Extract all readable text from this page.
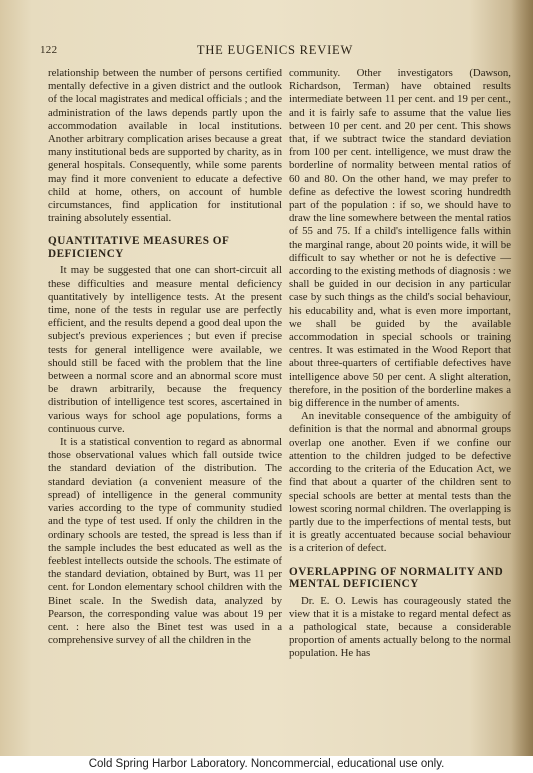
122	THE EUGENICS REVIEW

relationship between the number of persons certified mentally defective in a given district and the outlook of the local magistrates and medical officials ; and the administration of the laws depends partly upon the accommodation available in local institutions. Another arbitrary complication arises because a great many institutional beds are supported by charity, as in general hospitals. Consequently, while some parents may find it more convenient to educate a defective child at home, others, on account of humble circumstances, find application for institutional training absolutely essential.

QUANTITATIVE MEASURES OF DEFICIENCY

It may be suggested that one can short-circuit all these difficulties and measure mental deficiency quantitatively by intelligence tests. At the present time, none of the tests in regular use are perfectly efficient, and the results depend a good deal upon the subject's previous experiences ; but even if precise tests for general intelligence were available, we should still be faced with the problem that the line between a normal score and an abnormal score must be drawn arbitrarily, because the frequency distribution of intelligence test scores, ascertained in various ways for school age populations, forms a continuous curve.

It is a statistical convention to regard as abnormal those observational values which fall outside twice the standard deviation of the distribution. The standard deviation (a convenient measure of the spread) of intelligence in the general community varies according to the type of community studied and the type of test used. If only the children in the ordinary schools are tested, the spread is less than if the sample includes the best educated as well as the feeblest intellects outside the schools. The estimate of the standard deviation, obtained by Burt, was 11 per cent. for London elementary school children with the Binet scale. In the Swedish data, analyzed by Pearson, the corresponding value was about 19 per cent. : here also the Binet test was used in a comprehensive survey of all the children in the

community. Other investigators (Dawson, Richardson, Terman) have obtained results intermediate between 11 per cent. and 19 per cent., and it is fairly safe to assume that the value lies between 10 per cent. and 20 per cent. This shows that, if we subtract twice the standard deviation from 100 per cent. intelligence, we must draw the borderline of normality between mental ratios of 60 and 80. On the other hand, we may prefer to define as defective the lowest scoring hundredth part of the population : if so, we should have to draw the line somewhere between the mental ratios of 55 and 75. If a child's intelligence falls within the marginal range, about 20 points wide, it will be difficult to say whether or not he is defective —according to the existing methods of diagnosis : we shall be guided in our decision in any particular case by such things as the child's social behaviour, his educability and, what is even more important, we shall be guided by the available accommodation in special schools or training centres. It was estimated in the Wood Report that about three-quarters of certifiable defectives have intelligence above 50 per cent. A slight alteration, therefore, in the position of the borderline makes a big difference in the number of aments.

An inevitable consequence of the ambiguity of definition is that the normal and abnormal groups overlap one another. Even if we confine our attention to the children judged to be defective according to the criteria of the Education Act, we find that about a quarter of the children sent to special schools are better at mental tests than the lowest scoring normal children. The overlapping is partly due to the imperfections of mental tests, but it is greatly accentuated because social behaviour is a criterion of defect.

OVERLAPPING OF NORMALITY AND MENTAL DEFICIENCY

Dr. E. O. Lewis has courageously stated the view that it is a mistake to regard mental defect as a pathological state, because a considerable proportion of aments actually belong to the normal population. He has

Cold Spring Harbor Laboratory. Noncommercial, educational use only.
